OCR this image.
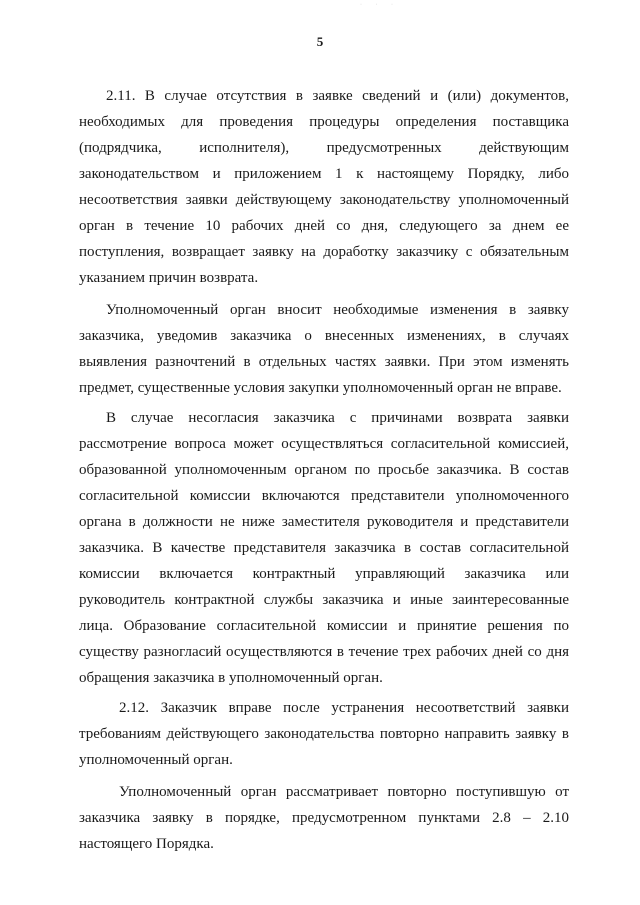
· · ·
5

2.11. В случае отсутствия в заявке сведений и (или) документов, необходимых для проведения процедуры определения поставщика (подрядчика, исполнителя), предусмотренных действующим законодательством и приложением 1 к настоящему Порядку, либо несоответствия заявки действующему законодательству уполномоченный орган в течение 10 рабочих дней со дня, следующего за днем ее поступления, возвращает заявку на доработку заказчику с обязательным указанием причин возврата.

Уполномоченный орган вносит необходимые изменения в заявку заказчика, уведомив заказчика о внесенных изменениях, в случаях выявления разночтений в отдельных частях заявки. При этом изменять предмет, существенные условия закупки уполномоченный орган не вправе.

В случае несогласия заказчика с причинами возврата заявки рассмотрение вопроса может осуществляться согласительной комиссией, образованной уполномоченным органом по просьбе заказчика. В состав согласительной комиссии включаются представители уполномоченного органа в должности не ниже заместителя руководителя и представители заказчика. В качестве представителя заказчика в состав согласительной комиссии включается контрактный управляющий заказчика или руководитель контрактной службы заказчика и иные заинтересованные лица. Образование согласительной комиссии и принятие решения по существу разногласий осуществляются в течение трех рабочих дней со дня обращения заказчика в уполномоченный орган.

2.12. Заказчик вправе после устранения несоответствий заявки требованиям действующего законодательства повторно направить заявку в уполномоченный орган.

Уполномоченный орган рассматривает повторно поступившую от заказчика заявку в порядке, предусмотренном пунктами 2.8 – 2.10 настоящего Порядка.
